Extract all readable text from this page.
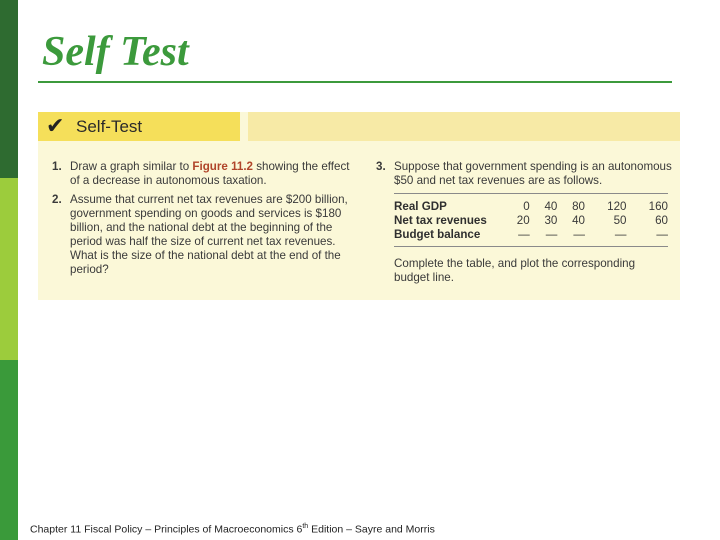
Self Test
✔ Self-Test

1. Draw a graph similar to Figure 11.2 showing the effect of a decrease in autonomous taxation.

2. Assume that current net tax revenues are $200 billion, government spending on goods and services is $180 billion, and the national debt at the beginning of the period was half the size of current net tax revenues. What is the size of the national debt at the end of the period?

3. Suppose that government spending is an autonomous $50 and net tax revenues are as follows.

Real GDP	0	40	80	120	160
Net tax revenues	20	30	40	50	60
Budget balance	—	—	—	—	—

Complete the table, and plot the corresponding budget line.

Chapter 11 Fiscal Policy – Principles of Macroeconomics 6th Edition – Sayre and Morris
